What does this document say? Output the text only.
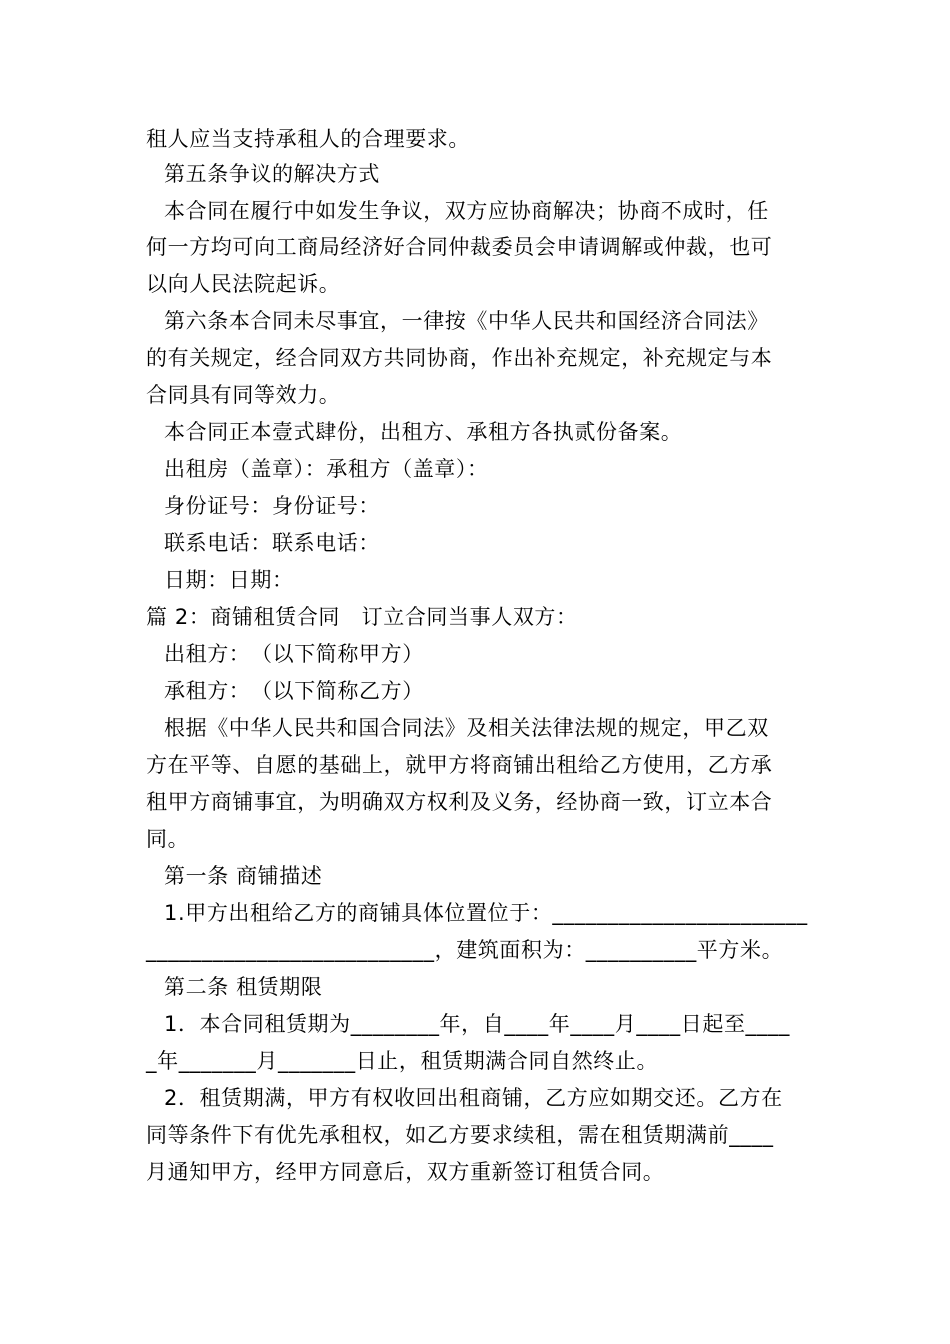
租人应当支持承租人的合理要求。
第五条争议的解决方式
本合同在履行中如发生争议，双方应协商解决；协商不成时，任
何一方均可向工商局经济好合同仲裁委员会申请调解或仲裁，也可
以向人民法院起诉。
第六条本合同未尽事宜，一律按《中华人民共和国经济合同法》
的有关规定，经合同双方共同协商，作出补充规定，补充规定与本
合同具有同等效力。
本合同正本壹式肆份，出租方、承租方各执贰份备案。
出租房（盖章）：承租方（盖章）：
身份证号：身份证号：
联系电话：联系电话：
日期：日期：
篇 2：商铺租赁合同　订立合同当事人双方：
出租方：　（以下简称甲方）
承租方：　（以下简称乙方）
根据《中华人民共和国合同法》及相关法律法规的规定，甲乙双
方在平等、自愿的基础上，就甲方将商铺出租给乙方使用，乙方承
租甲方商铺事宜，为明确双方权利及义务，经协商一致，订立本合
同。
第一条 商铺描述
1.甲方出租给乙方的商铺具体位置位于：_______________________
__________________________，建筑面积为：__________平方米。
第二条 租赁期限
1．本合同租赁期为________年，自____年____月____日起至____
_年_______月_______日止，租赁期满合同自然终止。
2．租赁期满，甲方有权收回出租商铺，乙方应如期交还。乙方在
同等条件下有优先承租权，如乙方要求续租，需在租赁期满前____
月通知甲方，经甲方同意后，双方重新签订租赁合同。
